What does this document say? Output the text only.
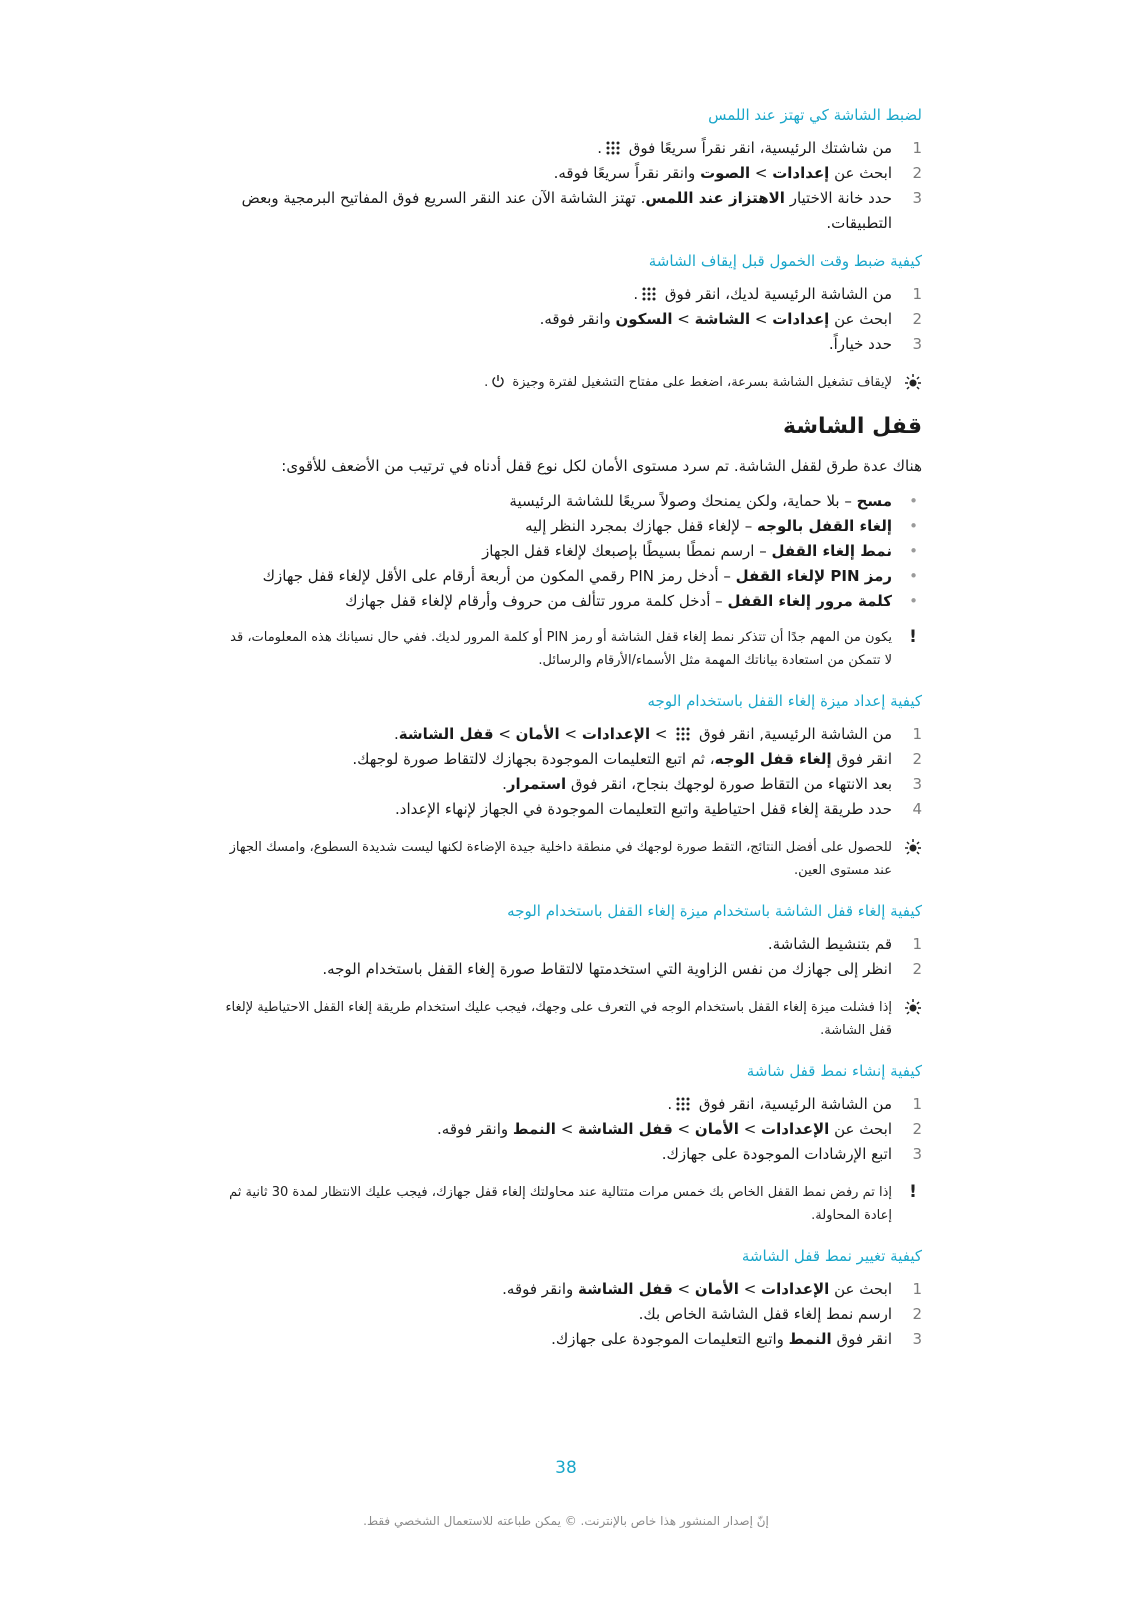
لضبط الشاشة كي تهتز عند اللمس
1
من شاشتك الرئيسية، انقر نقراً سريعًا فوق .
2
ابحث عن إعدادات > الصوت وانقر نقراً سريعًا فوقه.
3
حدد خانة الاختيار الاهتزاز عند اللمس. تهتز الشاشة الآن عند النقر السريع فوق المفاتيح البرمجية وبعض التطبيقات.
كيفية ضبط وقت الخمول قبل إيقاف الشاشة
1
من الشاشة الرئيسية لديك، انقر فوق .
2
ابحث عن إعدادات > الشاشة > السكون وانقر فوقه.
3
حدد خياراً.
لإيقاف تشغيل الشاشة بسرعة، اضغط على مفتاح التشغيل لفترة وجيزة .
قفل الشاشة
هناك عدة طرق لقفل الشاشة. تم سرد مستوى الأمان لكل نوع قفل أدناه في ترتيب من الأضعف للأقوى:
•
مسح – بلا حماية، ولكن يمنحك وصولاً سريعًا للشاشة الرئيسية
•
إلغاء القفل بالوجه – لإلغاء قفل جهازك بمجرد النظر إليه
•
نمط إلغاء القفل – ارسم نمطًا بسيطًا بإصبعك لإلغاء قفل الجهاز
•
رمز PIN لإلغاء القفل – أدخل رمز PIN رقمي المكون من أربعة أرقام على الأقل لإلغاء قفل جهازك
•
كلمة مرور إلغاء القفل – أدخل كلمة مرور تتألف من حروف وأرقام لإلغاء قفل جهازك
!
يكون من المهم جدًا أن تتذكر نمط إلغاء قفل الشاشة أو رمز PIN أو كلمة المرور لديك. ففي حال نسيانك هذه المعلومات، قد لا تتمكن من استعادة بياناتك المهمة مثل الأسماء/الأرقام والرسائل.
كيفية إعداد ميزة إلغاء القفل باستخدام الوجه
1
من الشاشة الرئيسية, انقر فوق  > الإعدادات > الأمان > قفل الشاشة.
2
انقر فوق إلغاء قفل الوجه، ثم اتبع التعليمات الموجودة بجهازك لالتقاط صورة لوجهك.
3
بعد الانتهاء من التقاط صورة لوجهك بنجاح، انقر فوق استمرار.
4
حدد طريقة إلغاء قفل احتياطية واتبع التعليمات الموجودة في الجهاز لإنهاء الإعداد.
للحصول على أفضل النتائج، التقط صورة لوجهك في منطقة داخلية جيدة الإضاءة لكنها ليست شديدة السطوع، وامسك الجهاز عند مستوى العين.
كيفية إلغاء قفل الشاشة باستخدام ميزة إلغاء القفل باستخدام الوجه
1
قم بتنشيط الشاشة.
2
انظر إلى جهازك من نفس الزاوية التي استخدمتها لالتقاط صورة إلغاء القفل باستخدام الوجه.
إذا فشلت ميزة إلغاء القفل باستخدام الوجه في التعرف على وجهك، فيجب عليك استخدام طريقة إلغاء القفل الاحتياطية لإلغاء قفل الشاشة.
كيفية إنشاء نمط قفل شاشة
1
من الشاشة الرئيسية، انقر فوق .
2
ابحث عن الإعدادات > الأمان > قفل الشاشة > النمط وانقر فوقه.
3
اتبع الإرشادات الموجودة على جهازك.
!
إذا تم رفض نمط القفل الخاص بك خمس مرات متتالية عند محاولتك إلغاء قفل جهازك، فيجب عليك الانتظار لمدة 30 ثانية ثم إعادة المحاولة.
كيفية تغيير نمط قفل الشاشة
1
ابحث عن الإعدادات > الأمان > قفل الشاشة وانقر فوقه.
2
ارسم نمط إلغاء قفل الشاشة الخاص بك.
3
انقر فوق النمط واتبع التعليمات الموجودة على جهازك.
38
إنّ إصدار المنشور هذا خاص بالإنترنت. © يمكن طباعته للاستعمال الشخصي فقط.
